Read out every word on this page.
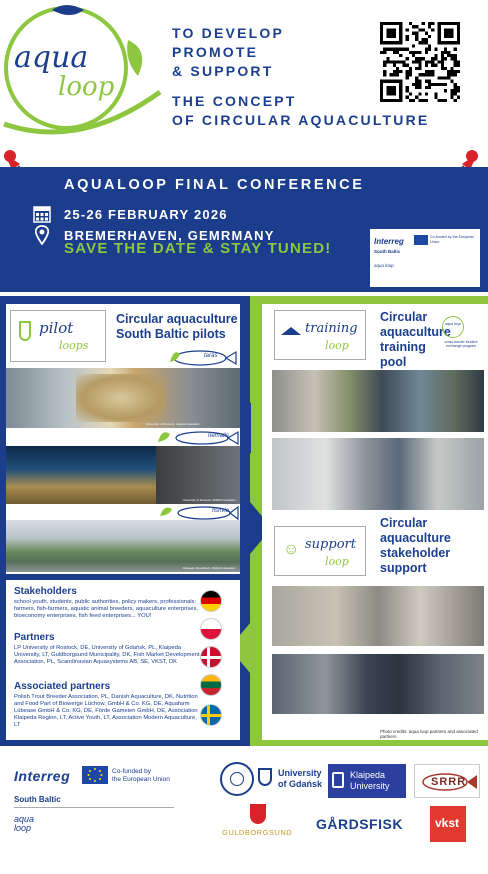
aqua
loop
TO DEVELOP
PROMOTE
& SUPPORT
THE CONCEPT
OF CIRCULAR AQUACULTURE
AQUALOOP FINAL CONFERENCE
25-26 FEBRUARY 2026
BREMERHAVEN, GEMRMANY
SAVE THE DATE & STAY TUNED!	Interreg	Co-funded by the European Union
South Baltic
aqua loop
pilot
loops
Circular aquaculture
South Baltic pilots
taras
University of Rostock, Gdańsk Aquafarm
nematis
University of Rostock, MIROS Aquafarm
fishvia
Ostseele Strandkorb, FRAnitz Aquafarm
Stakeholders
school youth, students, public authorities, policy makers, professionals: farmers, fish-farmers, aquatic animal breeders, aquaculture enterprises, bioeconomy enterprises, fish feed enterprises... YOU!
Partners
LP University of Rostock, DE, University of Gdańsk, PL, Klaipeda University, LT, Guldborgsund Municipality, DK, Fish Market Development Association, PL, Scandinavian Aquasystems AB, SE, VKST, DK
Associated partners
Polish Trout Breeder Association, PL, Danish Aquaculture, DK, Nutrition and Food Part of Biowerge Lüchow, GmbH & Co. KG, DE, Aquafarm Lübease GmbH & Co. KG, DE, Förde Gameien GmbH, DE, Association Klaipeda Region, LT, Active Youth, LT, Association Modern Aquaculture, LT
training
loop
Circular
aquaculture
training
pool
aqua loop
cross-border student exchange program
☺ support
loop
Circular
aquaculture
stakeholder
support
Photo credits: aqua.loop partners and associated partners
Interreg	Co-funded by
the European Union
South Baltic
aqua loop
University
of Gdańsk
Klaipeda
University	SRRR
GULDBORGSUND
GÅRDSFISK	vkst
